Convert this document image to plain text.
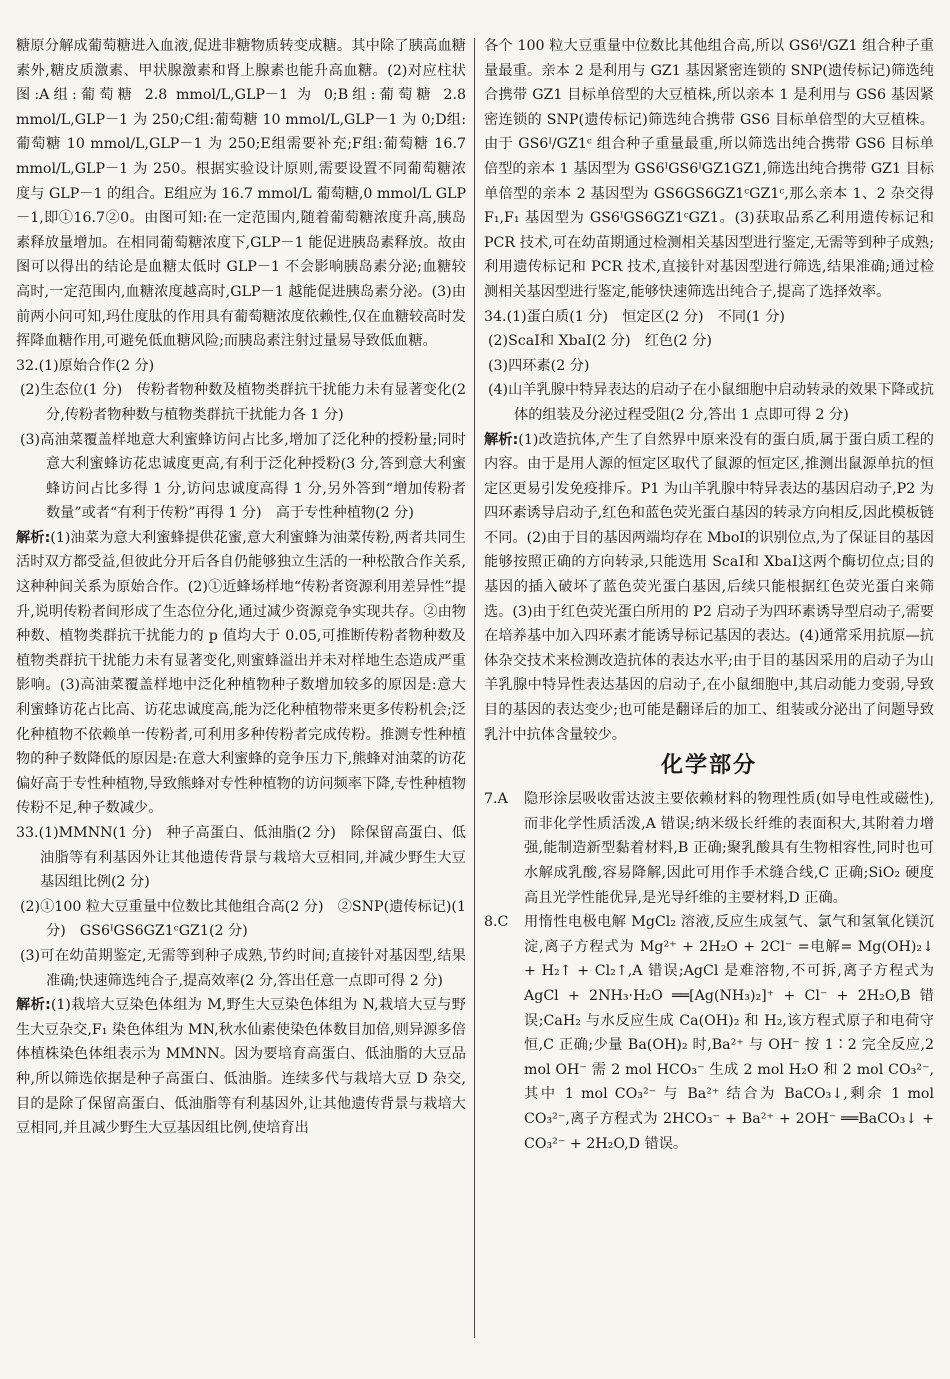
糖原分解成葡萄糖进入血液,促进非糖物质转变成糖。其中除了胰高血糖素外,糖皮质激素、甲状腺激素和肾上腺素也能升高血糖。(2)对应柱状图:A组:葡萄糖 2.8 mmol/L,GLP－1 为 0;B组:葡萄糖 2.8 mmol/L,GLP－1 为 250;C组:葡萄糖 10 mmol/L,GLP－1 为 0;D组:葡萄糖 10 mmol/L,GLP－1 为 250;E组需要补充;F组:葡萄糖 16.7 mmol/L,GLP－1 为 250。根据实验设计原则,需要设置不同葡萄糖浓度与 GLP－1 的组合。E组应为 16.7 mmol/L 葡萄糖,0 mmol/L GLP－1,即①16.7②0。由图可知:在一定范围内,随着葡萄糖浓度升高,胰岛素释放量增加。在相同葡萄糖浓度下,GLP－1 能促进胰岛素释放。故由图可以得出的结论是血糖太低时 GLP－1 不会影响胰岛素分泌;血糖较高时,一定范围内,血糖浓度越高时,GLP－1 越能促进胰岛素分泌。(3)由前两小问可知,玛仕度肽的作用具有葡萄糖浓度依赖性,仅在血糖较高时发挥降血糖作用,可避免低血糖风险;而胰岛素注射过量易导致低血糖。

32.(1)原始合作(2 分)

(2)生态位(1 分)　传粉者物种数及植物类群抗干扰能力未有显著变化(2 分,传粉者物种数与植物类群抗干扰能力各 1 分)

(3)高油菜覆盖样地意大利蜜蜂访问占比多,增加了泛化种的授粉量;同时意大利蜜蜂访花忠诚度更高,有利于泛化种授粉(3 分,答到意大利蜜蜂访问占比多得 1 分,访问忠诚度高得 1 分,另外答到“增加传粉者数量”或者“有利于传粉”再得 1 分)　高于专性种植物(2 分)

解析:(1)油菜为意大利蜜蜂提供花蜜,意大利蜜蜂为油菜传粉,两者共同生活时双方都受益,但彼此分开后各自仍能够独立生活的一种松散合作关系,这种种间关系为原始合作。(2)①近蜂场样地“传粉者资源利用差异性”提升,说明传粉者间形成了生态位分化,通过减少资源竞争实现共存。②由物种数、植物类群抗干扰能力的 p 值均大于 0.05,可推断传粉者物种数及植物类群抗干扰能力未有显著变化,则蜜蜂溢出并未对样地生态造成严重影响。(3)高油菜覆盖样地中泛化种植物种子数增加较多的原因是:意大利蜜蜂访花占比高、访花忠诚度高,能为泛化种植物带来更多传粉机会;泛化种植物不依赖单一传粉者,可利用多种传粉者完成传粉。推测专性种植物的种子数降低的原因是:在意大利蜜蜂的竞争压力下,熊蜂对油菜的访花偏好高于专性种植物,导致熊蜂对专性种植物的访问频率下降,专性种植物传粉不足,种子数减少。

33.(1)MMNN(1 分)　种子高蛋白、低油脂(2 分)　除保留高蛋白、低油脂等有利基因外让其他遗传背景与栽培大豆相同,并减少野生大豆基因组比例(2 分)

(2)①100 粒大豆重量中位数比其他组合高(2 分)　②SNP(遗传标记)(1 分)　GS6ᴵGS6GZ1ᶜGZ1(2 分)

(3)可在幼苗期鉴定,无需等到种子成熟,节约时间;直接针对基因型,结果准确;快速筛选纯合子,提高效率(2 分,答出任意一点即可得 2 分)

解析:(1)栽培大豆染色体组为 M,野生大豆染色体组为 N,栽培大豆与野生大豆杂交,F₁ 染色体组为 MN,秋水仙素使染色体数目加倍,则异源多倍体植株染色体组表示为 MMNN。因为要培育高蛋白、低油脂的大豆品种,所以筛选依据是种子高蛋白、低油脂。连续多代与栽培大豆 D 杂交,目的是除了保留高蛋白、低油脂等有利基因外,让其他遗传背景与栽培大豆相同,并且减少野生大豆基因组比例,使培育出

各个 100 粒大豆重量中位数比其他组合高,所以 GS6ᴵ/GZ1 组合种子重量最重。亲本 2 是利用与 GZ1 基因紧密连锁的 SNP(遗传标记)筛选纯合携带 GZ1 目标单倍型的大豆植株,所以亲本 1 是利用与 GS6 基因紧密连锁的 SNP(遗传标记)筛选纯合携带 GS6 目标单倍型的大豆植株。由于 GS6ᴵ/GZ1ᶜ 组合种子重量最重,所以筛选出纯合携带 GS6 目标单倍型的亲本 1 基因型为 GS6ᴵGS6ᴵGZ1GZ1,筛选出纯合携带 GZ1 目标单倍型的亲本 2 基因型为 GS6GS6GZ1ᶜGZ1ᶜ,那么亲本 1、2 杂交得 F₁,F₁ 基因型为 GS6ᴵGS6GZ1ᶜGZ1。(3)获取品系乙利用遗传标记和 PCR 技术,可在幼苗期通过检测相关基因型进行鉴定,无需等到种子成熟;利用遗传标记和 PCR 技术,直接针对基因型进行筛选,结果准确;通过检测相关基因型进行鉴定,能够快速筛选出纯合子,提高了选择效率。

34.(1)蛋白质(1 分)　恒定区(2 分)　不同(1 分)

(2)ScaⅠ和 XbaⅠ(2 分)　红色(2 分)

(3)四环素(2 分)

(4)山羊乳腺中特异表达的启动子在小鼠细胞中启动转录的效果下降或抗体的组装及分泌过程受阻(2 分,答出 1 点即可得 2 分)

解析:(1)改造抗体,产生了自然界中原来没有的蛋白质,属于蛋白质工程的内容。由于是用人源的恒定区取代了鼠源的恒定区,推测出鼠源单抗的恒定区更易引发免疫排斥。P1 为山羊乳腺中特异表达的基因启动子,P2 为四环素诱导启动子,红色和蓝色荧光蛋白基因的转录方向相反,因此模板链不同。(2)由于目的基因两端均存在 MboⅠ的识别位点,为了保证目的基因能够按照正确的方向转录,只能选用 ScaⅠ和 XbaⅠ这两个酶切位点;目的基因的插入破坏了蓝色荧光蛋白基因,后续只能根据红色荧光蛋白来筛选。(3)由于红色荧光蛋白所用的 P2 启动子为四环素诱导型启动子,需要在培养基中加入四环素才能诱导标记基因的表达。(4)通常采用抗原—抗体杂交技术来检测改造抗体的表达水平;由于目的基因采用的启动子为山羊乳腺中特异性表达基因的启动子,在小鼠细胞中,其启动能力变弱,导致目的基因的表达变少;也可能是翻译后的加工、组装或分泌出了问题导致乳汁中抗体含量较少。

化学部分
7.A	隐形涂层吸收雷达波主要依赖材料的物理性质(如导电性或磁性),而非化学性质活泼,A 错误;纳米级长纤维的表面积大,其附着力增强,能制造新型黏着材料,B 正确;聚乳酸具有生物相容性,同时也可水解成乳酸,容易降解,因此可用作手术缝合线,C 正确;SiO₂ 硬度高且光学性能优异,是光导纤维的主要材料,D 正确。
8.C	用惰性电极电解 MgCl₂ 溶液,反应生成氢气、氯气和氢氧化镁沉淀,离子方程式为 Mg²⁺ + 2H₂O + 2Cl⁻ =电解= Mg(OH)₂↓ + H₂↑ + Cl₂↑,A 错误;AgCl 是难溶物,不可拆,离子方程式为 AgCl + 2NH₃·H₂O ══[Ag(NH₃)₂]⁺ + Cl⁻ + 2H₂O,B 错误;CaH₂ 与水反应生成 Ca(OH)₂ 和 H₂,该方程式原子和电荷守恒,C 正确;少量 Ba(OH)₂ 时,Ba²⁺ 与 OH⁻ 按 1∶2 完全反应,2 mol OH⁻ 需 2 mol HCO₃⁻ 生成 2 mol H₂O 和 2 mol CO₃²⁻,其中 1 mol CO₃²⁻ 与 Ba²⁺ 结合为 BaCO₃↓,剩余 1 mol CO₃²⁻,离子方程式为 2HCO₃⁻ + Ba²⁺ + 2OH⁻ ══BaCO₃↓ + CO₃²⁻ + 2H₂O,D 错误。
